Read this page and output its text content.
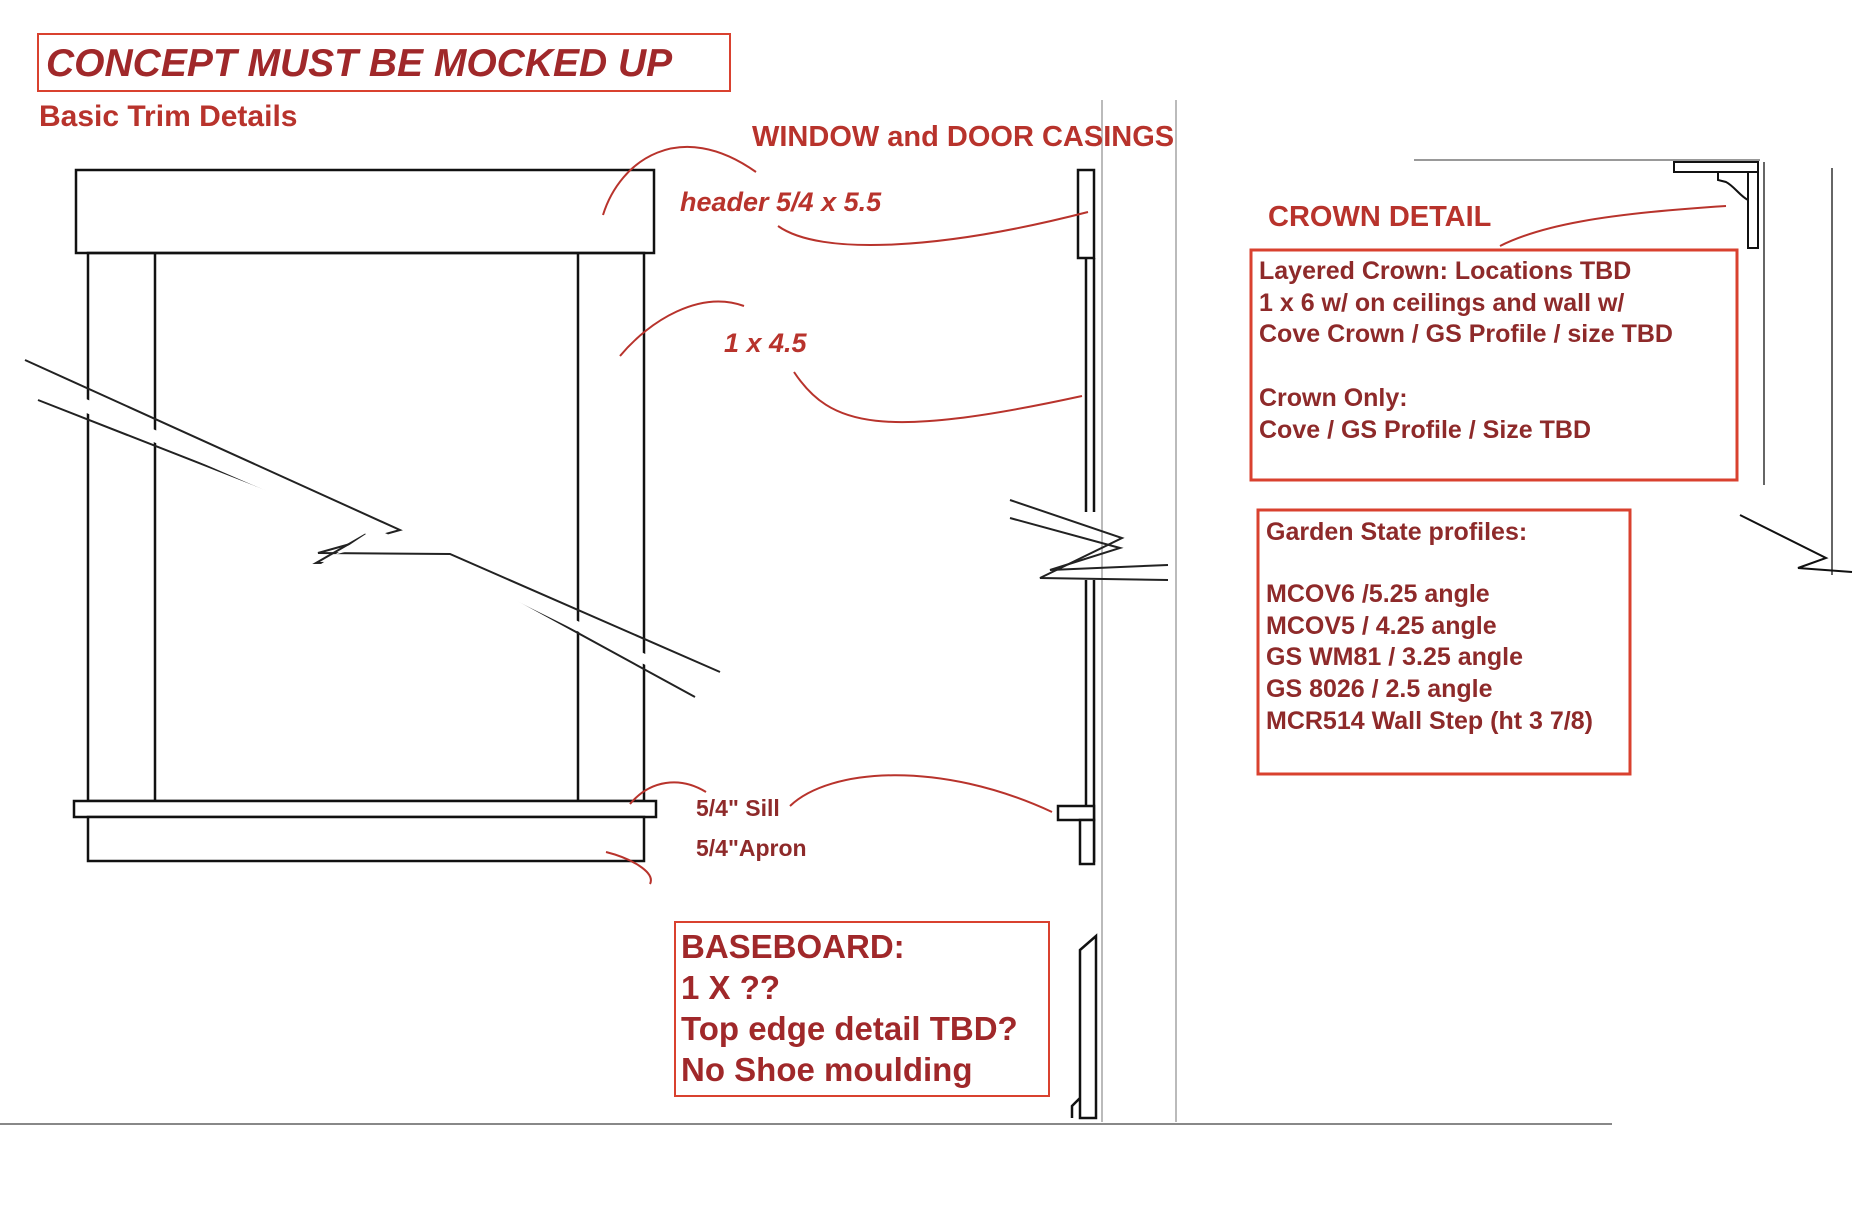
CONCEPT MUST BE MOCKED UP
Basic Trim Details
WINDOW and DOOR CASINGS
header 5/4 x 5.5
1 x 4.5
5/4" Sill
5/4"Apron
CROWN DETAIL
Layered Crown: Locations TBD
1 x 6 w/ on ceilings and wall w/
Cove Crown / GS Profile / size TBD
Crown Only:
Cove / GS Profile / Size TBD
Garden State profiles:
MCOV6 /5.25 angle
MCOV5 / 4.25 angle
GS WM81 / 3.25 angle
GS 8026 / 2.5 angle
MCR514 Wall Step (ht 3 7/8)
BASEBOARD:
1 X ??
Top edge detail TBD?
No Shoe moulding
